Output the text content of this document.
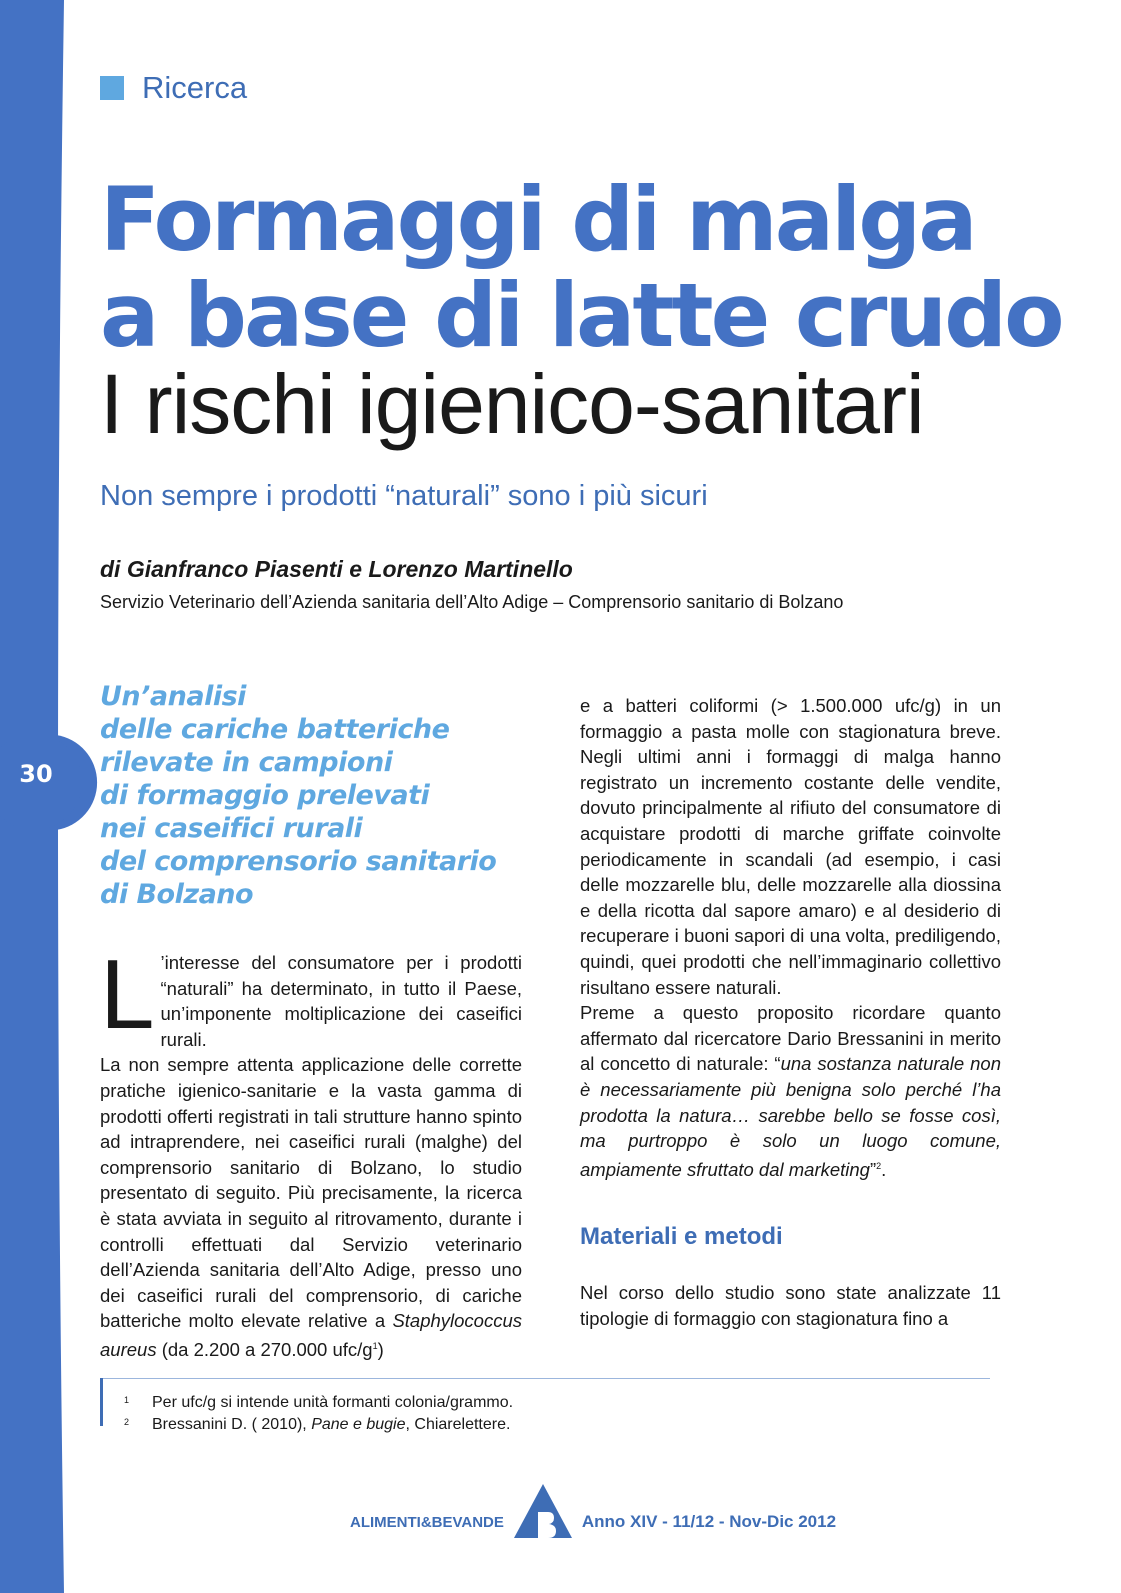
30
Ricerca
Formaggi di malga
a base di latte crudo
I rischi igienico-sanitari
Non sempre i prodotti “naturali” sono i più sicuri
di Gianfranco Piasenti e Lorenzo Martinello
Servizio Veterinario dell’Azienda sanitaria dell’Alto Adige – Comprensorio sanitario di Bolzano
Un’analisi
delle cariche batteriche
rilevate in campioni
di formaggio prelevati
nei caseifici rurali
del comprensorio sanitario
di Bolzano
L ’interesse del consumatore per i prodotti “naturali” ha determinato, in tutto il Paese, un’imponente moltiplicazione dei caseifici rurali.
La non sempre attenta applicazione delle corrette pratiche igienico-sanitarie e la vasta gamma di prodotti offerti registrati in tali strutture hanno spinto ad intraprendere, nei caseifici rurali (malghe) del comprensorio sanitario di Bolzano, lo studio presentato di seguito. Più precisamente, la ricerca è stata avviata in seguito al ritrovamento, durante i controlli effettuati dal Servizio veterinario dell’Azienda sanitaria dell’Alto Adige, presso uno dei caseifici rurali del comprensorio, di cariche batteriche molto elevate relative a Staphylococcus aureus (da 2.200 a 270.000 ufc/$g^1$)
e a batteri coliformi (> 1.500.000 ufc/g) in un formaggio a pasta molle con stagionatura breve. Negli ultimi anni i formaggi di malga hanno registrato un incremento costante delle vendite, dovuto principalmente al rifiuto del consumatore di acquistare prodotti di marche griffate coinvolte periodicamente in scandali (ad esempio, i casi delle mozzarelle blu, delle mozzarelle alla diossina e della ricotta dal sapore amaro) e al desiderio di recuperare i buoni sapori di una volta, prediligendo, quindi, quei prodotti che nell’immaginario collettivo risultano essere naturali.
Preme a questo proposito ricordare quanto affermato dal ricercatore Dario Bressanini in merito al concetto di naturale: “una sostanza naturale non è necessariamente più benigna solo perché l’ha prodotta la natura… sarebbe bello se fosse così, ma purtroppo è solo un luogo comune, ampiamente sfruttato dal marketing”$^2$.
Materiali e metodi
Nel corso dello studio sono state analizzate 11 tipologie di formaggio con stagionatura fino a
$^1$ Per ufc/g si intende unità formanti colonia/grammo.
$^2$ Bressanini D. ( 2010), Pane e bugie, Chiarelettere.
ALIMENTI&BEVANDE	Anno XIV - 11/12 - Nov-Dic 2012
